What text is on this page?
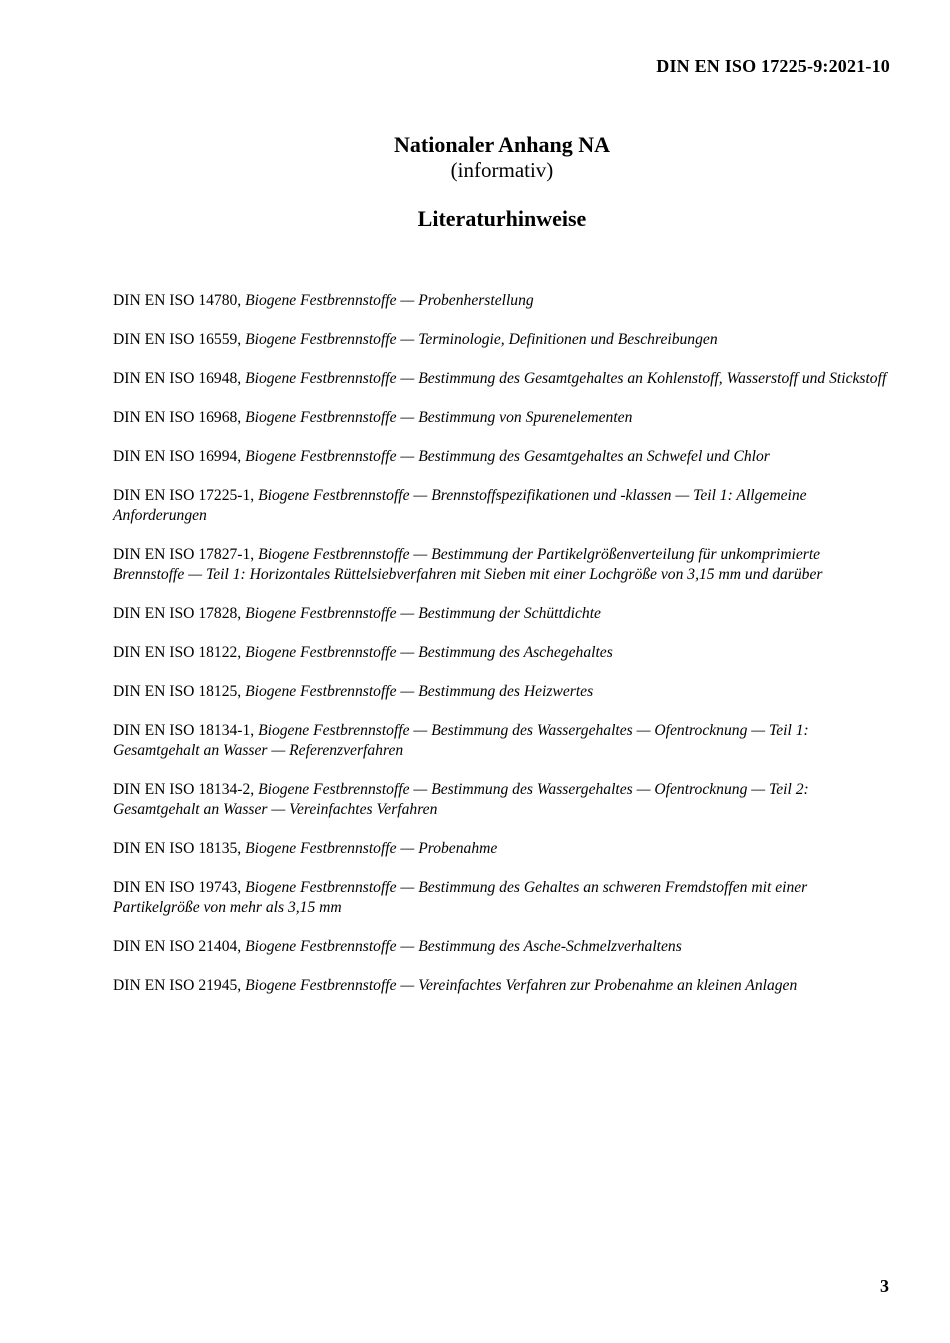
DIN EN ISO 17225-9:2021-10
Nationaler Anhang NA
(informativ)
Literaturhinweise
DIN EN ISO 14780, Biogene Festbrennstoffe — Probenherstellung
DIN EN ISO 16559, Biogene Festbrennstoffe — Terminologie, Definitionen und Beschreibungen
DIN EN ISO 16948, Biogene Festbrennstoffe — Bestimmung des Gesamtgehaltes an Kohlenstoff, Wasserstoff und Stickstoff
DIN EN ISO 16968, Biogene Festbrennstoffe — Bestimmung von Spurenelementen
DIN EN ISO 16994, Biogene Festbrennstoffe — Bestimmung des Gesamtgehaltes an Schwefel und Chlor
DIN EN ISO 17225-1, Biogene Festbrennstoffe — Brennstoffspezifikationen und -klassen — Teil 1: Allgemeine Anforderungen
DIN EN ISO 17827-1, Biogene Festbrennstoffe — Bestimmung der Partikelgrößenverteilung für unkomprimierte Brennstoffe — Teil 1: Horizontales Rüttelsiebverfahren mit Sieben mit einer Lochgröße von 3,15 mm und darüber
DIN EN ISO 17828, Biogene Festbrennstoffe — Bestimmung der Schüttdichte
DIN EN ISO 18122, Biogene Festbrennstoffe — Bestimmung des Aschegehaltes
DIN EN ISO 18125, Biogene Festbrennstoffe — Bestimmung des Heizwertes
DIN EN ISO 18134-1, Biogene Festbrennstoffe — Bestimmung des Wassergehaltes — Ofentrocknung — Teil 1: Gesamtgehalt an Wasser — Referenzverfahren
DIN EN ISO 18134-2, Biogene Festbrennstoffe — Bestimmung des Wassergehaltes — Ofentrocknung — Teil 2: Gesamtgehalt an Wasser — Vereinfachtes Verfahren
DIN EN ISO 18135, Biogene Festbrennstoffe — Probenahme
DIN EN ISO 19743, Biogene Festbrennstoffe — Bestimmung des Gehaltes an schweren Fremdstoffen mit einer Partikelgröße von mehr als 3,15 mm
DIN EN ISO 21404, Biogene Festbrennstoffe — Bestimmung des Asche-Schmelzverhaltens
DIN EN ISO 21945, Biogene Festbrennstoffe — Vereinfachtes Verfahren zur Probenahme an kleinen Anlagen
3
